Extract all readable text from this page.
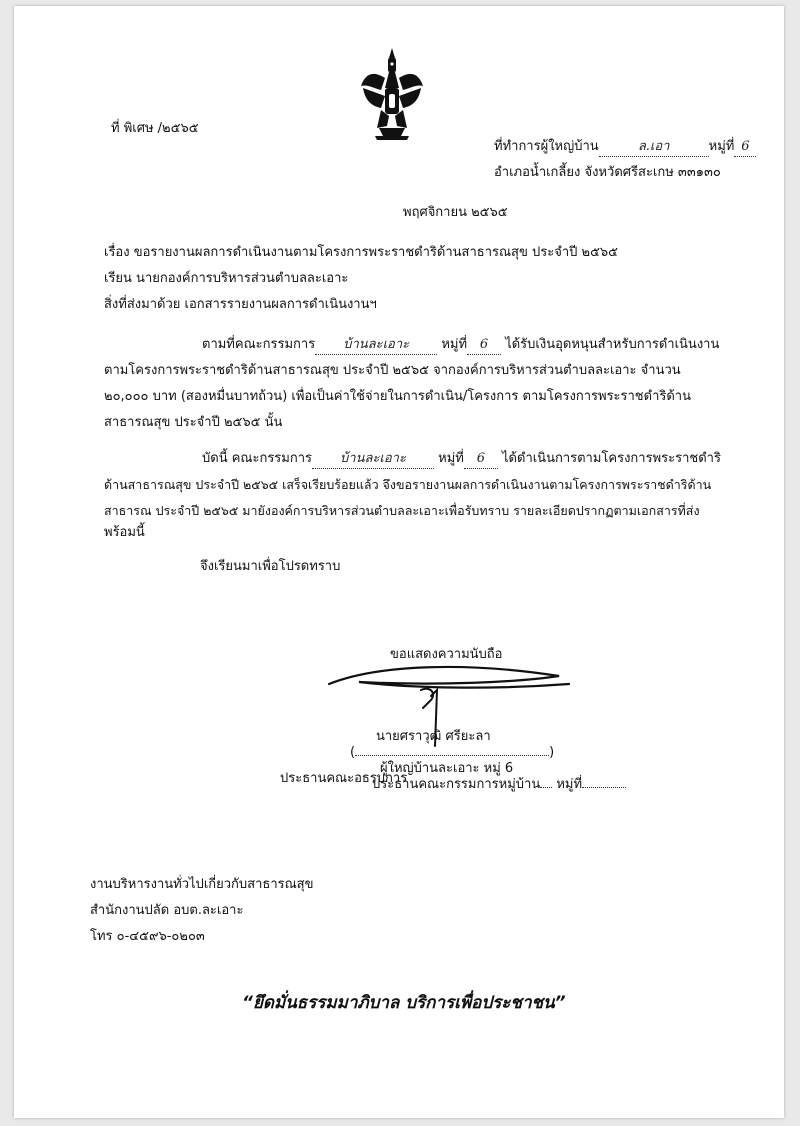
ที่ พิเศษ /๒๕๖๕
ที่ทำการผู้ใหญ่บ้าน	ล.เอา	หมู่ที่ 6
อำเภอน้ำเกลี้ยง จังหวัดศรีสะเกษ ๓๓๑๓๐
พฤศจิกายน ๒๕๖๕
เรื่อง ขอรายงานผลการดำเนินงานตามโครงการพระราชดำริด้านสาธารณสุข ประจำปี ๒๕๖๕
เรียน นายกองค์การบริหารส่วนตำบลละเอาะ
สิ่งที่ส่งมาด้วย เอกสารรายงานผลการดำเนินงานฯ
ตามที่คณะกรรมการ บ้านละเอาะ หมู่ที่ 6 ได้รับเงินอุดหนุนสำหรับการดำเนินงาน
ตามโครงการพระราชดำริด้านสาธารณสุข ประจำปี ๒๕๖๕ จากองค์การบริหารส่วนตำบลละเอาะ จำนวน
๒๐,๐๐๐ บาท (สองหมื่นบาทถ้วน) เพื่อเป็นค่าใช้จ่ายในการดำเนิน/โครงการ ตามโครงการพระราชดำริด้าน
สาธารณสุข ประจำปี ๒๕๖๕ นั้น
บัดนี้ คณะกรรมการ บ้านละเอาะ หมู่ที่ 6 ได้ดำเนินการตามโครงการพระราชดำริ
ด้านสาธารณสุข ประจำปี ๒๕๖๕ เสร็จเรียบร้อยแล้ว จึงขอรายงานผลการดำเนินงานตามโครงการพระราชดำริด้าน
สาธารณ ประจำปี ๒๕๖๕ มายังองค์การบริหารส่วนตำบลละเอาะเพื่อรับทราบ รายละเอียดปรากฏตามเอกสารที่ส่ง
พร้อมนี้
จึงเรียนมาเพื่อโปรดทราบ
ขอแสดงความนับถือ
นายศราวุฒิ ศรียะลา
(	)
ผู้ใหญ่บ้านละเอาะ หมู่ 6
ประธานคณะอธรบการ
ประธานคณะกรรมการหมู่บ้าน หมู่ที่
งานบริหารงานทั่วไปเกี่ยวกับสาธารณสุข
สำนักงานปลัด อบต.ละเอาะ
โทร ๐-๔๕๙๖-๐๒๐๓
“ยึดมั่นธรรมมาภิบาล บริการเพื่อประชาชน”
